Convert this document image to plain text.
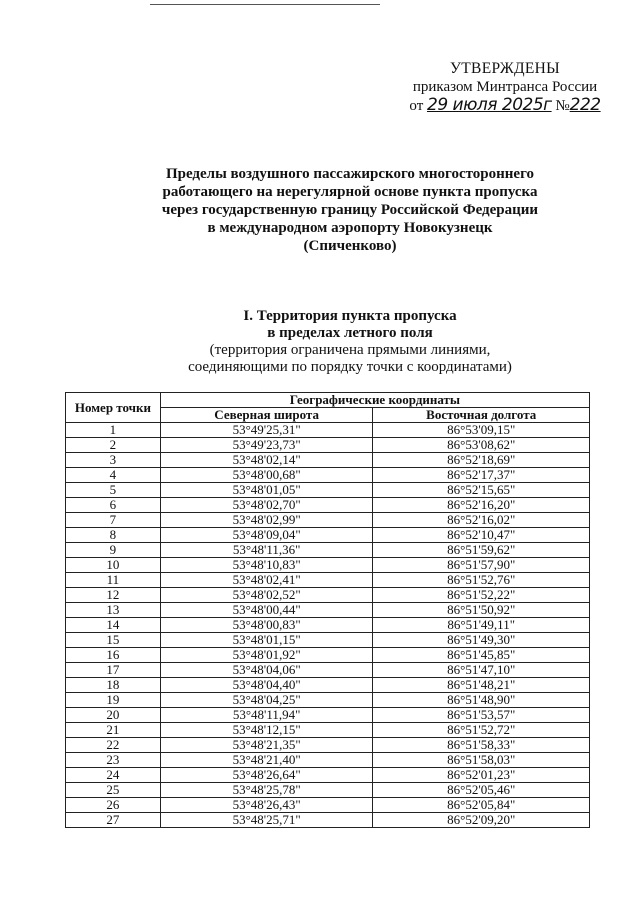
УТВЕРЖДЕНЫ
приказом Минтранса России
от 29 июля 2025г №222
Пределы воздушного пассажирского многостороннего работающего на нерегулярной основе пункта пропуска через государственную границу Российской Федерации в международном аэропорту Новокузнецк (Спиченково)
I. Территория пункта пропуска
в пределах летного поля
(территория ограничена прямыми линиями,
соединяющими по порядку точки с координатами)
Номер точки	Географические координаты	
	Северная широта	Восточная долгота
1	53°49'25,31"	86°53'09,15"
2	53°49'23,73"	86°53'08,62"
3	53°48'02,14"	86°52'18,69"
4	53°48'00,68"	86°52'17,37"
5	53°48'01,05"	86°52'15,65"
6	53°48'02,70"	86°52'16,20"
7	53°48'02,99"	86°52'16,02"
8	53°48'09,04"	86°52'10,47"
9	53°48'11,36"	86°51'59,62"
10	53°48'10,83"	86°51'57,90"
11	53°48'02,41"	86°51'52,76"
12	53°48'02,52"	86°51'52,22"
13	53°48'00,44"	86°51'50,92"
14	53°48'00,83"	86°51'49,11"
15	53°48'01,15"	86°51'49,30"
16	53°48'01,92"	86°51'45,85"
17	53°48'04,06"	86°51'47,10"
18	53°48'04,40"	86°51'48,21"
19	53°48'04,25"	86°51'48,90"
20	53°48'11,94"	86°51'53,57"
21	53°48'12,15"	86°51'52,72"
22	53°48'21,35"	86°51'58,33"
23	53°48'21,40"	86°51'58,03"
24	53°48'26,64"	86°52'01,23"
25	53°48'25,78"	86°52'05,46"
26	53°48'26,43"	86°52'05,84"
27	53°48'25,71"	86°52'09,20"
